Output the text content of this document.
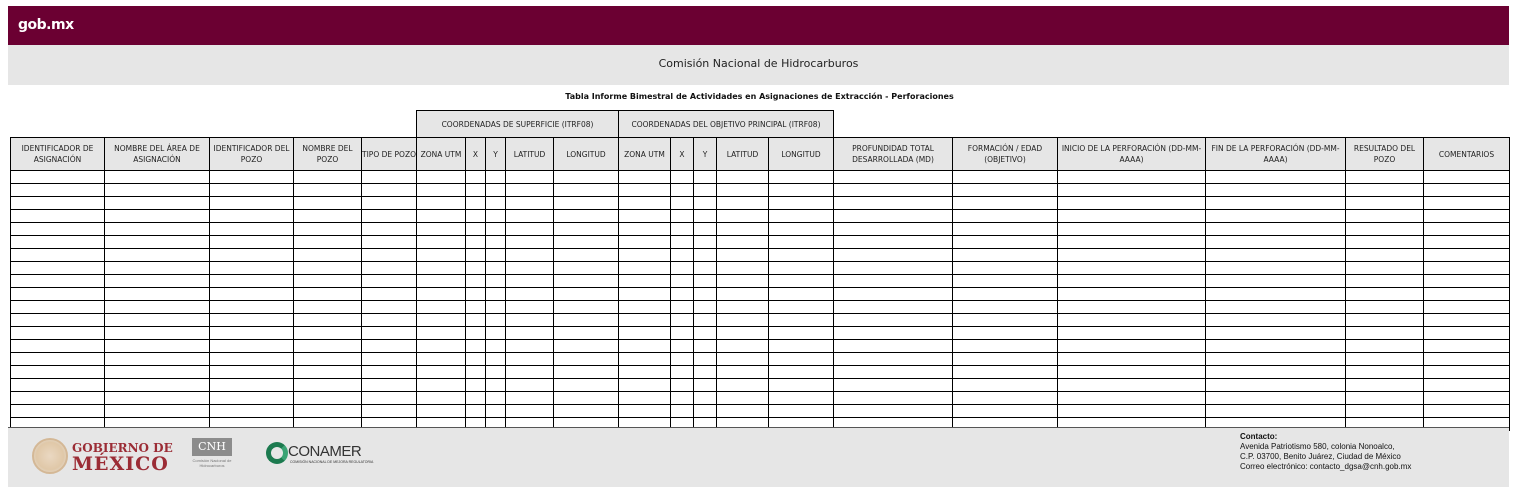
gob.mx
Comisión Nacional de Hidrocarburos
Tabla Informe Bimestral de Actividades en Asignaciones de Extracción - Perforaciones
					COORDENADAS DE SUPERFICIE (ITRF08)					COORDENADAS DEL OBJETIVO PRINCIPAL (ITRF08)										
IDENTIFICADOR DE ASIGNACIÓN	NOMBRE DEL ÁREA DE ASIGNACIÓN	IDENTIFICADOR DEL POZO	NOMBRE DEL POZO	TIPO DE POZO	ZONA UTM	X	Y	LATITUD	LONGITUD	ZONA UTM	X	Y	LATITUD	LONGITUD	PROFUNDIDAD TOTAL DESARROLLADA (MD)	FORMACIÓN / EDAD (OBJETIVO)	INICIO DE LA PERFORACIÓN (DD-MM-AAAA)	FIN DE LA PERFORACIÓN (DD-MM-AAAA)	RESULTADO DEL POZO	COMENTARIOS

GOBIERNO DE
MÉXICO
CNH
Comisión Nacional de Hidrocarburos
CONAMER
COMISIÓN NACIONAL DE MEJORA REGULATORIA
Contacto:
Avenida Patriotismo 580, colonia Nonoalco,
C.P. 03700, Benito Juárez, Ciudad de México
Correo electrónico: contacto_dgsa@cnh.gob.mx
